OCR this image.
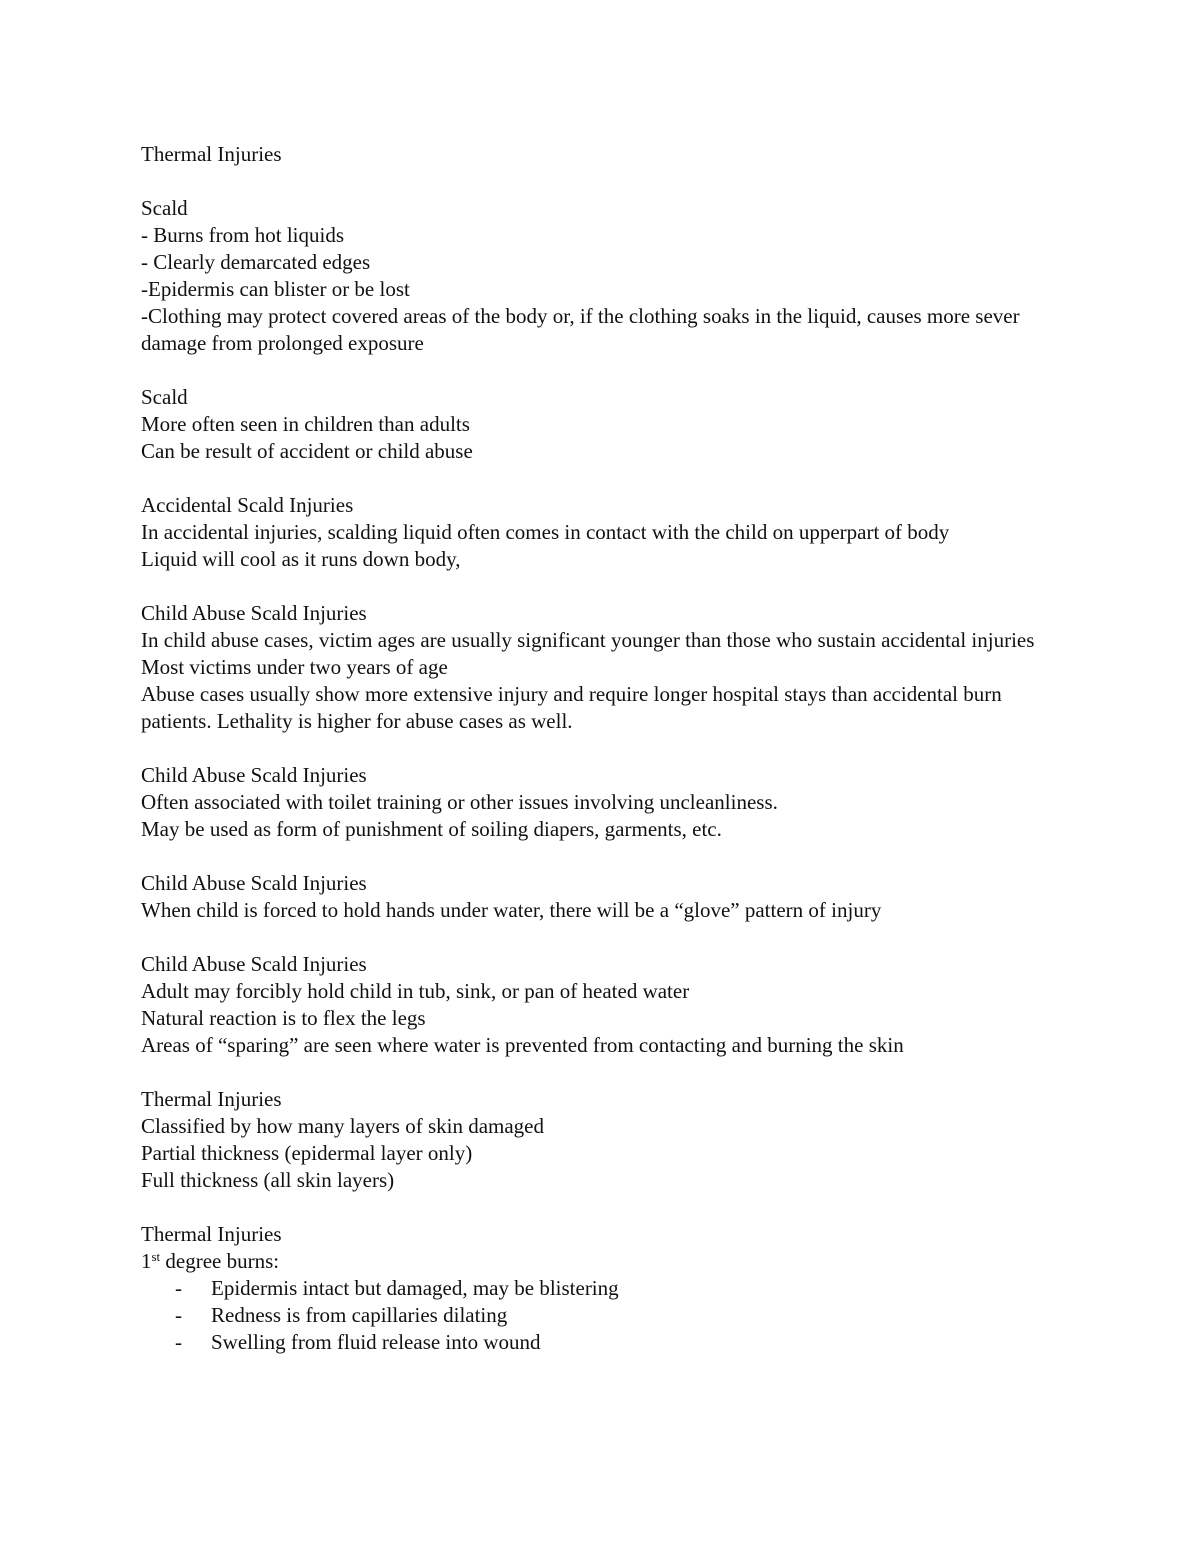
Thermal Injuries
Scald
- Burns from hot liquids
- Clearly demarcated edges
-Epidermis can blister or be lost
-Clothing may protect covered areas of the body or, if the clothing soaks in the liquid, causes more sever damage from prolonged exposure
Scald
More often seen in children than adults
Can be result of accident or child abuse
Accidental Scald Injuries
In accidental injuries, scalding liquid often comes in contact with the child on upperpart of body
Liquid will cool as it runs down body,
Child Abuse Scald Injuries
In child abuse cases, victim ages are usually significant younger than those who sustain accidental injuries
Most victims under two years of age
Abuse cases usually show more extensive injury and require longer hospital stays than accidental burn patients. Lethality is higher for abuse cases as well.
Child Abuse Scald Injuries
Often associated with toilet training or other issues involving uncleanliness.
May be used as form of punishment of soiling diapers, garments, etc.
Child Abuse Scald Injuries
When child is forced to hold hands under water, there will be a “glove” pattern of injury
Child Abuse Scald Injuries
Adult may forcibly hold child in tub, sink, or pan of heated water
Natural reaction is to flex the legs
Areas of “sparing” are seen where water is prevented from contacting and burning the skin
Thermal Injuries
Classified by how many layers of skin damaged
Partial thickness (epidermal layer only)
Full thickness (all skin layers)
Thermal Injuries
1st degree burns:
-	Epidermis intact but damaged, may be blistering
-	Redness is from capillaries dilating
-	Swelling from fluid release into wound
